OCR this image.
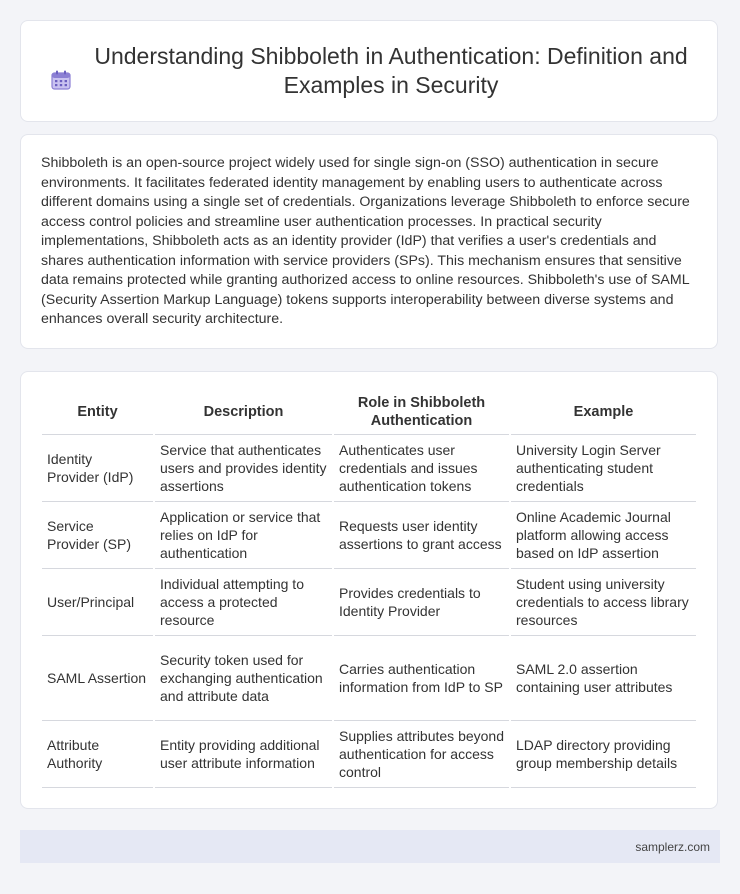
Understanding Shibboleth in Authentication: Definition and Examples in Security

Shibboleth is an open-source project widely used for single sign-on (SSO) authentication in secure environments. It facilitates federated identity management by enabling users to authenticate across different domains using a single set of credentials. Organizations leverage Shibboleth to enforce secure access control policies and streamline user authentication processes. In practical security implementations, Shibboleth acts as an identity provider (IdP) that verifies a user's credentials and shares authentication information with service providers (SPs). This mechanism ensures that sensitive data remains protected while granting authorized access to online resources. Shibboleth's use of SAML (Security Assertion Markup Language) tokens supports interoperability between diverse systems and enhances overall security architecture.

Entity	Description	Role in Shibboleth Authentication	Example
Identity Provider (IdP)	Service that authenticates users and provides identity assertions	Authenticates user credentials and issues authentication tokens	University Login Server authenticating student credentials
Service Provider (SP)	Application or service that relies on IdP for authentication	Requests user identity assertions to grant access	Online Academic Journal platform allowing access based on IdP assertion
User/Principal	Individual attempting to access a protected resource	Provides credentials to Identity Provider	Student using university credentials to access library resources
SAML Assertion	Security token used for exchanging authentication and attribute data	Carries authentication information from IdP to SP	SAML 2.0 assertion containing user attributes
Attribute Authority	Entity providing additional user attribute information	Supplies attributes beyond authentication for access control	LDAP directory providing group membership details
samplerz.com
